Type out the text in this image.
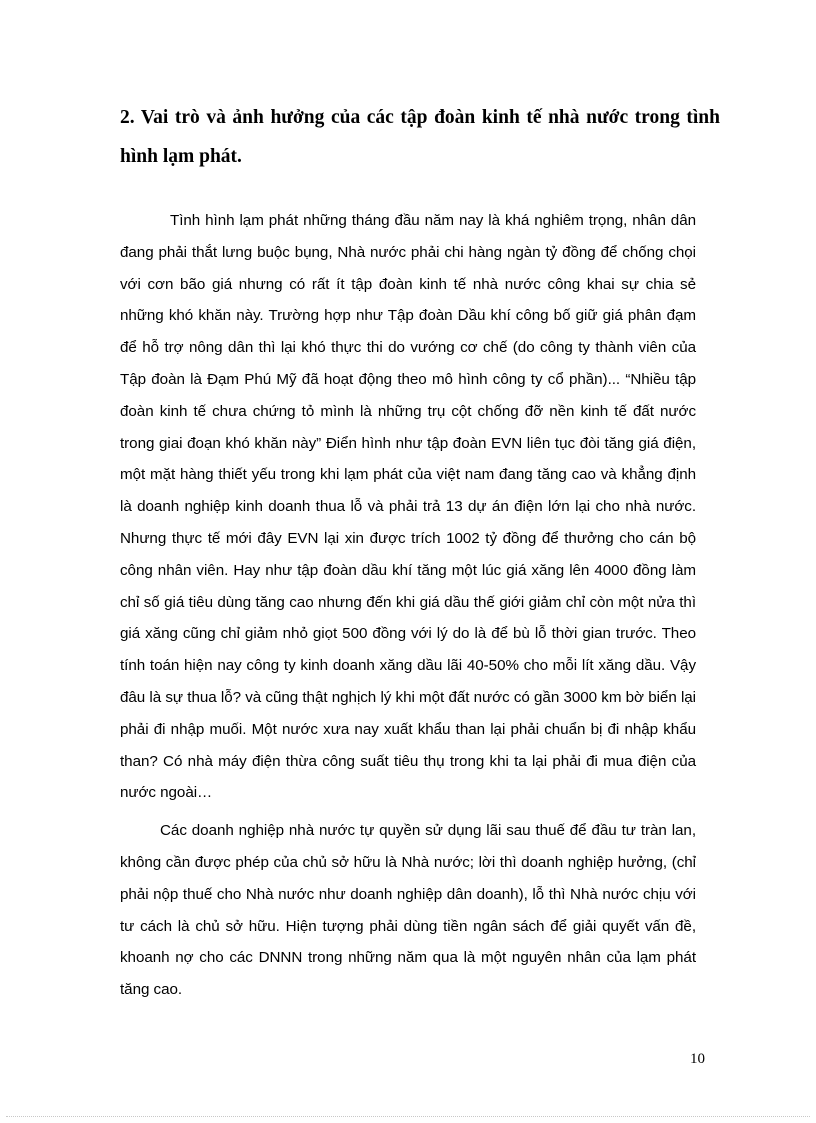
2. Vai trò và ảnh hưởng của các tập đoàn kinh tế nhà nước trong tình hình lạm phát.

Tình hình lạm phát những tháng đầu năm nay là khá nghiêm trọng, nhân dân đang phải thắt lưng buộc bụng, Nhà nước phải chi hàng ngàn tỷ đồng để chống chọi với cơn bão giá nhưng có rất ít tập đoàn kinh tế nhà nước công khai sự chia sẻ những khó khăn này. Trường hợp như Tập đoàn Dầu khí công bố giữ giá phân đạm để hỗ trợ nông dân thì lại khó thực thi do vướng cơ chế (do công ty thành viên của Tập đoàn là Đạm Phú Mỹ đã hoạt động theo mô hình công ty cổ phần)... “Nhiều tập đoàn kinh tế chưa chứng tỏ mình là những trụ cột chống đỡ nền kinh tế đất nước trong giai đoạn khó khăn này” Điển hình như tập đoàn EVN liên tục đòi tăng giá điện, một mặt hàng thiết yếu trong khi lạm phát của việt nam đang tăng cao và khẳng định là doanh nghiệp kinh doanh thua lỗ và phải trả 13 dự án điện lớn lại cho nhà nước. Nhưng thực tế mới đây EVN lại xin được trích 1002 tỷ đồng để thưởng cho cán bộ công nhân viên. Hay như tập đoàn dầu khí tăng một lúc giá xăng lên 4000 đồng làm chỉ số giá tiêu dùng tăng cao nhưng đến khi giá dầu thế giới giảm chỉ còn một nửa thì giá xăng cũng chỉ giảm nhỏ giọt 500 đồng với lý do là để bù lỗ thời gian trước. Theo tính toán hiện nay công ty kinh doanh xăng dầu lãi 40-50% cho mỗi lít xăng dầu. Vậy đâu là sự thua lỗ? và cũng thật nghịch lý khi một đất nước có gần 3000 km bờ biển lại phải đi nhập muối. Một nước xưa nay xuất khẩu than lại phải chuẩn bị đi nhập khẩu than? Có nhà máy điện thừa công suất tiêu thụ trong khi ta lại phải đi mua điện của nước ngoài…

Các doanh nghiệp nhà nước tự quyền sử dụng lãi sau thuế để đầu tư tràn lan, không cần được phép của chủ sở hữu là Nhà nước; lời thì doanh nghiệp hưởng, (chỉ phải nộp thuế cho Nhà nước như doanh nghiệp dân doanh), lỗ thì Nhà nước chịu với tư cách là chủ sở hữu. Hiện tượng phải dùng tiền ngân sách để giải quyết vấn đề, khoanh nợ cho các DNNN trong những năm qua là một nguyên nhân của lạm phát tăng cao.

10
